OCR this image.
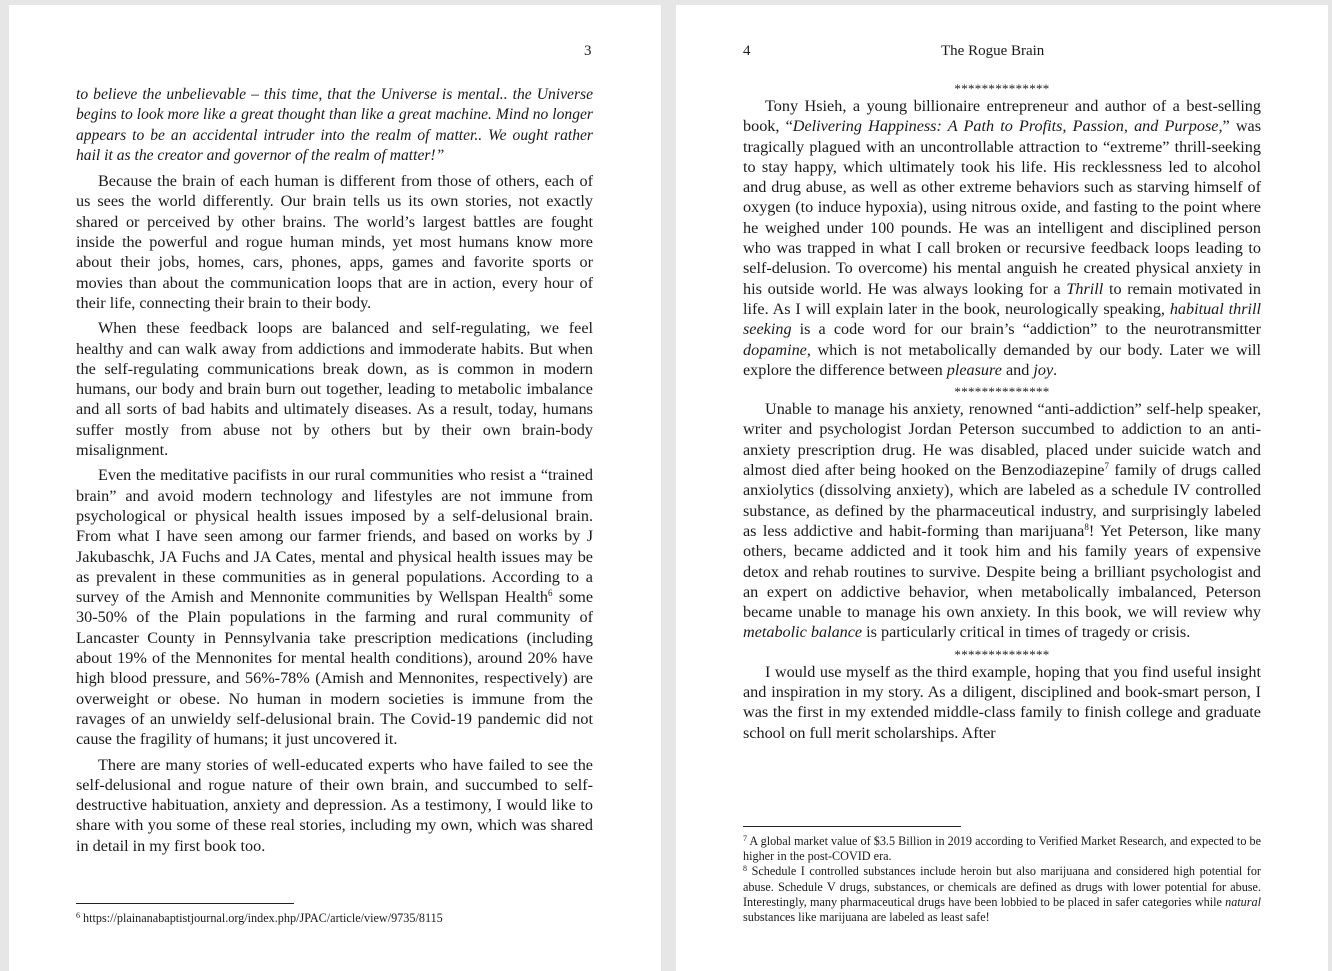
3

to believe the unbelievable – this time, that the Universe is mental.. the Universe begins to look more like a great thought than like a great machine. Mind no longer appears to be an accidental intruder into the realm of matter.. We ought rather hail it as the creator and governor of the realm of matter!”

Because the brain of each human is different from those of others, each of us sees the world differently. Our brain tells us its own stories, not exactly shared or perceived by other brains. The world’s largest battles are fought inside the powerful and rogue human minds, yet most humans know more about their jobs, homes, cars, phones, apps, games and favorite sports or movies than about the communication loops that are in action, every hour of their life, connecting their brain to their body.

When these feedback loops are balanced and self-regulating, we feel healthy and can walk away from addictions and immoderate habits. But when the self-regulating communications break down, as is common in modern humans, our body and brain burn out together, leading to metabolic imbalance and all sorts of bad habits and ultimately diseases. As a result, today, humans suffer mostly from abuse not by others but by their own brain-body misalignment.

Even the meditative pacifists in our rural communities who resist a “trained brain” and avoid modern technology and lifestyles are not immune from psychological or physical health issues imposed by a self-delusional brain. From what I have seen among our farmer friends, and based on works by J Jakubaschk, JA Fuchs and JA Cates, mental and physical health issues may be as prevalent in these communities as in general populations. According to a survey of the Amish and Mennonite communities by Wellspan Health$^6$ some 30-50% of the Plain populations in the farming and rural community of Lancaster County in Pennsylvania take prescription medications (including about 19% of the Mennonites for mental health conditions), around 20% have high blood pressure, and 56%-78% (Amish and Mennonites, respectively) are overweight or obese. No human in modern societies is immune from the ravages of an unwieldy self-delusional brain. The Covid-19 pandemic did not cause the fragility of humans; it just uncovered it.

There are many stories of well-educated experts who have failed to see the self-delusional and rogue nature of their own brain, and succumbed to self-destructive habituation, anxiety and depression. As a testimony, I would like to share with you some of these real stories, including my own, which was shared in detail in my first book too.

$^6$ https://plainanabaptistjournal.org/index.php/JPAC/article/view/9735/8115

4	The Rogue Brain

**************

Tony Hsieh, a young billionaire entrepreneur and author of a best-selling book, “Delivering Happiness: A Path to Profits, Passion, and Purpose,” was tragically plagued with an uncontrollable attraction to “extreme” thrill-seeking to stay happy, which ultimately took his life. His recklessness led to alcohol and drug abuse, as well as other extreme behaviors such as starving himself of oxygen (to induce hypoxia), using nitrous oxide, and fasting to the point where he weighed under 100 pounds. He was an intelligent and disciplined person who was trapped in what I call broken or recursive feedback loops leading to self-delusion. To overcome) his mental anguish he created physical anxiety in his outside world. He was always looking for a Thrill to remain motivated in life. As I will explain later in the book, neurologically speaking, habitual thrill seeking is a code word for our brain’s “addiction” to the neurotransmitter dopamine, which is not metabolically demanded by our body. Later we will explore the difference between pleasure and joy.

**************

Unable to manage his anxiety, renowned “anti-addiction” self-help speaker, writer and psychologist Jordan Peterson succumbed to addiction to an anti-anxiety prescription drug. He was disabled, placed under suicide watch and almost died after being hooked on the Benzodiazepine$^7$ family of drugs called anxiolytics (dissolving anxiety), which are labeled as a schedule IV controlled substance, as defined by the pharmaceutical industry, and surprisingly labeled as less addictive and habit-forming than marijuana$^8$! Yet Peterson, like many others, became addicted and it took him and his family years of expensive detox and rehab routines to survive. Despite being a brilliant psychologist and an expert on addictive behavior, when metabolically imbalanced, Peterson became unable to manage his own anxiety. In this book, we will review why metabolic balance is particularly critical in times of tragedy or crisis.

**************

I would use myself as the third example, hoping that you find useful insight and inspiration in my story. As a diligent, disciplined and book-smart person, I was the first in my extended middle-class family to finish college and graduate school on full merit scholarships. After

$^7$ A global market value of $3.5 Billion in 2019 according to Verified Market Research, and expected to be higher in the post-COVID era.

$^8$ Schedule I controlled substances include heroin but also marijuana and considered high potential for abuse. Schedule V drugs, substances, or chemicals are defined as drugs with lower potential for abuse. Interestingly, many pharmaceutical drugs have been lobbied to be placed in safer categories while natural substances like marijuana are labeled as least safe!
